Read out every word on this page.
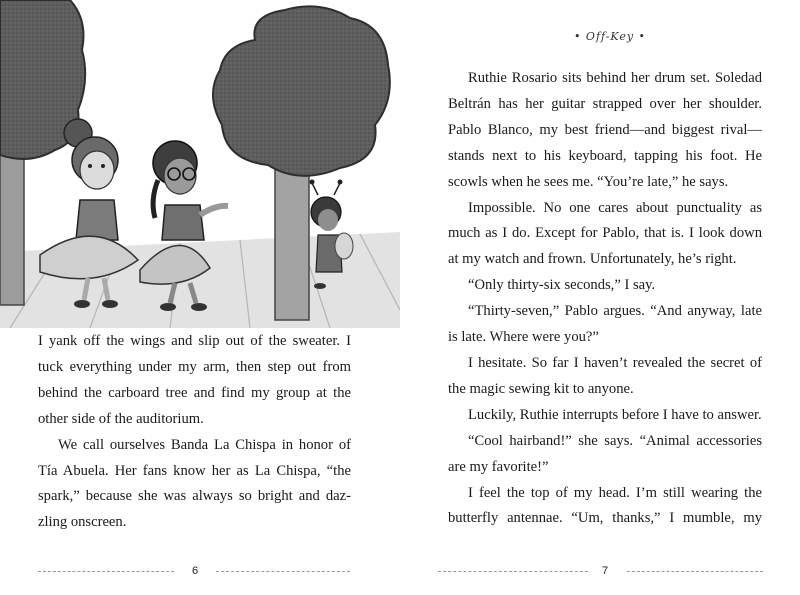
I yank off the wings and slip out of the sweater. I
tuck everything under my arm, then step out from
behind the carboard tree and find my group at the
other side of the auditorium.
We call ourselves Banda La Chispa in honor of
Tía Abuela. Her fans know her as La Chispa, “the
spark,” because she was always so bright and daz-
zling onscreen.
6
• Off-Key •
Ruthie Rosario sits behind her drum set. Soledad
Beltrán has her guitar strapped over her shoulder.
Pablo Blanco, my best friend—and biggest rival—
stands next to his keyboard, tapping his foot. He
scowls when he sees me. “You’re late,” he says.
Impossible. No one cares about punctuality as
much as I do. Except for Pablo, that is. I look down
at my watch and frown. Unfortunately, he’s right.
“Only thirty-six seconds,” I say.
“Thirty-seven,” Pablo argues. “And anyway, late
is late. Where were you?”
I hesitate. So far I haven’t revealed the secret of
the magic sewing kit to anyone.
Luckily, Ruthie interrupts before I have to answer.
“Cool hairband!” she says. “Animal accessories
are my favorite!”
I feel the top of my head. I’m still wearing the
butterfly antennae. “Um, thanks,” I mumble, my
7
